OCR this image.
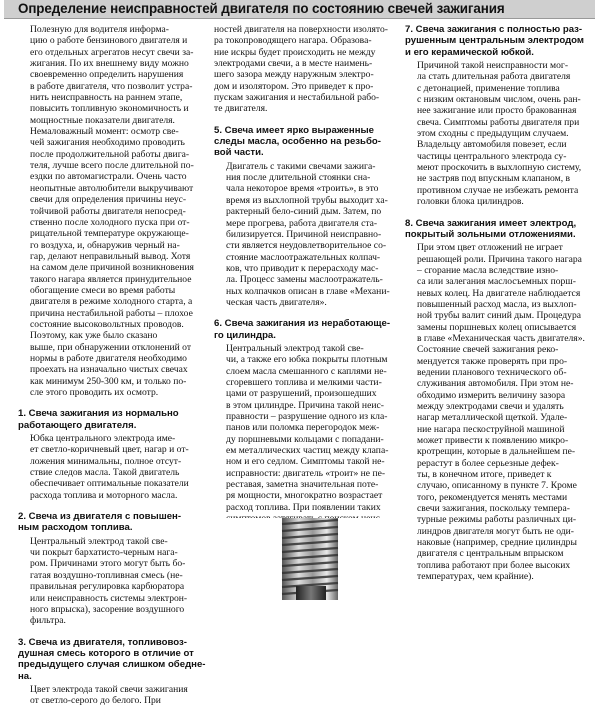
Определение неисправностей двигателя по состоянию свечей зажигания

Полезную для водителя информа-
цию о работе бензинового двигателя и
его отдельных агрегатов несут свечи за-
жигания. По их внешнему виду можно
своевременно определить нарушения
в работе двигателя, что позволит устра-
нить неисправность на раннем этапе,
повысить топливную экономичность и
мощностные показатели двигателя.

Немаловажный момент: осмотр све-
чей зажигания необходимо проводить
после продолжительной работы двига-
теля, лучше всего после длительной по-
ездки по автомагистрали. Очень часто
неопытные автолюбители выкручивают
свечи для определения причины неус-
тойчивой работы двигателя непосред-
ственно после холодного пуска при от-
рицательной температуре окружающе-
го воздуха, и, обнаружив черный на-
гар, делают неправильный вывод. Хотя
на самом деле причиной возникновения
такого нагара является принудительное
обогащение смеси во время работы
двигателя в режиме холодного старта, а
причина нестабильной работы – плохое
состояние высоковольтных проводов.

Поэтому, как уже было сказано
выше, при обнаружении отклонений от
нормы в работе двигателя необходимо
проехать на изначально чистых свечах
как минимум 250-300 км, и только по-
сле этого проводить их осмотр.

1. Свеча зажигания из нормально
работающего двигателя.

Юбка центрального электрода име-
ет светло-коричневый цвет, нагар и от-
ложения минимальны, полное отсут-
ствие следов масла. Такой двигатель
обеспечивает оптимальные показатели
расхода топлива и моторного масла.

2. Свеча из двигателя с повышен-
ным расходом топлива.

Центральный электрод такой све-
чи покрыт бархатисто-черным нага-
ром. Причинами этого могут быть бо-
гатая воздушно-топливная смесь (не-
правильная регулировка карбюратора
или неисправность системы электрон-
ного впрыска), засорение воздушного
фильтра.

3. Свеча из двигателя, топливовоз-
душная смесь которого в отличие от
предыдущего случая слишком обедне-
на.

Цвет электрода такой свечи зажигания
от светло-серого до белого. При

ностей двигателя на поверхности изолято-
ра токопроводящего нагара. Образова-
ние искры будет происходить не между
электродами свечи, а в месте наимень-
шего зазора между наружным электро-
дом и изолятором. Это приведет к про-
пускам зажигания и нестабильной рабо-
те двигателя.

5. Свеча имеет ярко выраженные
следы масла, особенно на резьбо-
вой части.

Двигатель с такими свечами зажига-
ния после длительной стоянки сна-
чала некоторое время «троить», в это
время из выхлопной трубы выходит ха-
рактерный бело-синий дым. Затем, по
мере прогрева, работа двигателя ста-
билизируется. Причиной неисправно-
сти является неудовлетворительное со-
стояние маслоотражательных колпач-
ков, что приводит к перерасходу мас-
ла. Процесс замены маслоотражатель-
ных колпачков описан в главе «Механи-
ческая часть двигателя».

6. Свеча зажигания из неработающе-
го цилиндра.

Центральный электрод такой све-
чи, а также его юбка покрыты плотным
слоем масла смешанного с каплями не-
сгоревшего топлива и мелкими части-
цами от разрушений, произошедших
в этом цилиндре. Причина такой неис-
правности – разрушение одного из кла-
панов или поломка перегородок меж-
ду поршневыми кольцами с попадани-
ем металлических частиц между клапа-
ном и его седлом. Симптомы такой не-
исправности: двигатель «троит» не пе-
реставая, заметна значительная поте-
ря мощности, многократно возрастает
расход топлива. При появлении таких

7. Свеча зажигания с полностью раз-
рушенным центральным электродом
и его керамической юбкой.

Причиной такой неисправности мог-
ла стать длительная работа двигателя
с детонацией, применение топлива
с низким октановым числом, очень ран-
нее зажигание или просто бракованная
свеча. Симптомы работы двигателя при
этом сходны с предыдущим случаем.
Владельцу автомобиля повезет, если
частицы центрального электрода су-
меют проскочить в выхлопную систему,
не застряв под впускным клапаном, в
противном случае не избежать ремонта
головки блока цилиндров.

8. Свеча зажигания имеет электрод,
покрытый зольными отложениями.

При этом цвет отложений не играет
решающей роли. Причина такого нагара
– сгорание масла вследствие изно-
са или залегания маслосъемных порш-
невых колец. На двигателе наблюдается
повышенный расход масла, из выхлоп-
ной трубы валит синий дым. Процедура
замены поршневых колец описывается
в главе «Механическая часть двигателя».

Состояние свечей зажигания реко-
мендуется также проверять при про-
ведении планового технического об-
служивания автомобиля. При этом не-
обходимо измерить величину зазора
между электродами свечи и удалять
нагар металлической щеткой. Удале-
ние нагара пескоструйной машиной
может привести к появлению микро-
кротрещин, которые в дальнейшем пе-
рерастут в более серьезные дефек-
ты, в конечном итоге, приведет к
случаю, описанному в пункте 7. Кроме
того, рекомендуется менять местами
свечи зажигания, поскольку темпера-
турные режимы работы различных ци-
линдров двигателя могут быть не оди-
наковые (например, средние цилиндры
двигателя с центральным впрыском
топлива работают при более высоких
температурах, чем крайние).
